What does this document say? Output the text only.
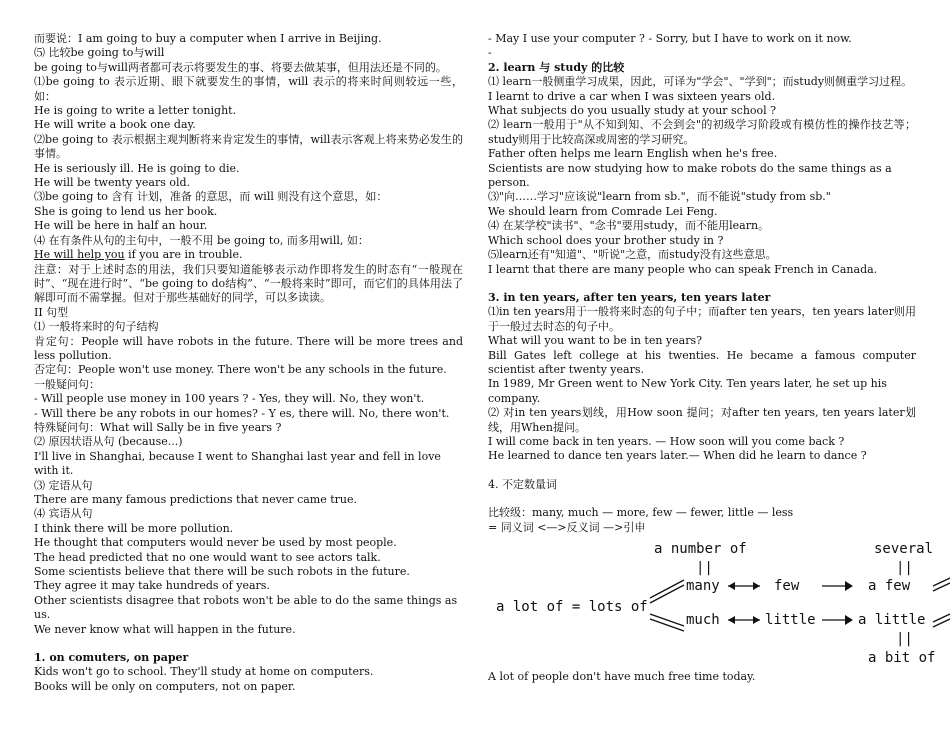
而要说：I am going to buy a computer when I arrive in Beijing.
⑸ 比较be going to与will
be going to与will两者都可表示将要发生的事、将要去做某事，但用法还是不同的。
⑴be going to 表示近期、眼下就要发生的事情，will 表示的将来时间则较远一些，如：
He is going to write a letter tonight.
He will write a book one day.
⑵be going to 表示根据主观判断将来肯定发生的事情，will表示客观上将来势必发生的事情。
He is seriously ill. He is going to die.
He will be twenty years old.
⑶be going to 含有 计划，准备 的意思，而 will 则没有这个意思，如：
She is going to lend us her book.
He will be here in half an hour.
⑷ 在有条件从句的主句中，一般不用 be going to, 而多用will, 如：
He will help you if you are in trouble.
注意：对于上述时态的用法，我们只要知道能够表示动作即将发生的时态有“一般现在时”、“现在进行时”、“be going to do结构”、“一般将来时”即可，而它们的具体用法了解即可而不需掌握。但对于那些基础好的同学，可以多读读。
II 句型
⑴ 一般将来时的句子结构
肯定句：People will have robots in the future. There will be more trees and less pollution.
否定句：People won't use money. There won't be any schools in the future.
一般疑问句：
- Will people use money in 100 years ? - Yes, they will. No, they won't.
- Will there be any robots in our homes? - Y es, there will. No, there won't.
特殊疑问句：What will Sally be in five years ?
⑵ 原因状语从句 (because...)
I'll live in Shanghai, because I went to Shanghai last year and fell in love with it.
⑶ 定语从句
There are many famous predictions that never came true.
⑷ 宾语从句
I think there will be more pollution.
He thought that computers would never be used by most people.
The head predicted that no one would want to see actors talk.
Some scientists believe that there will be such robots in the future.
They agree it may take hundreds of years.
Other scientists disagree that robots won't be able to do the same things as us.
We never know what will happen in the future.
1. on comuters, on paper
Kids won't go to school. They'll study at home on computers.
Books will be only on computers, not on paper.
- May I use your computer ? - Sorry, but I have to work on it now.
-
2. learn 与 study 的比较
⑴ learn一般侧重学习成果，因此，可译为"学会"、"学到"；而study则侧重学习过程。
I learnt to drive a car when I was sixteen years old.
What subjects do you usually study at your school ?
⑵ learn一般用于"从不知到知、不会到会"的初级学习阶段或有模仿性的操作技艺等；study则用于比较高深或周密的学习研究。
Father often helps me learn English when he's free.
Scientists are now studying how to make robots do the same things as a person.
⑶"向……学习"应该说"learn from sb."，而不能说"study from sb."
We should learn from Comrade Lei Feng.
⑷ 在某学校"读书"、"念书"要用study，而不能用learn。
Which school does your brother study in ?
⑸learn还有"知道"、"听说"之意，而study没有这些意思。
I learnt that there are many people who can speak French in Canada.
3. in ten years, after ten years, ten years later
⑴in ten years用于一般将来时态的句子中；而after ten years，ten years later则用于一般过去时态的句子中。
What will you want to be in ten years?
Bill Gates left college at his twenties. He became a famous computer scientist after twenty years.
In 1989, Mr Green went to New York City. Ten years later, he set up his company.
⑵ 对in ten years划线，用How soon 提问；对after ten years, ten years later划线，用When提问。
I will come back in ten years. — How soon will you come back ?
He learned to dance ten years later.— When did he learn to dance ?
4. 不定数量词
比较级：many, much — more, few — fewer, little — less
= 同义词 <—>反义词 —>引申
a number of	several
||	||
a lot of = lots of
many	few	a few
much	little	a little
||
a bit of
A lot of people don't have much free time today.
